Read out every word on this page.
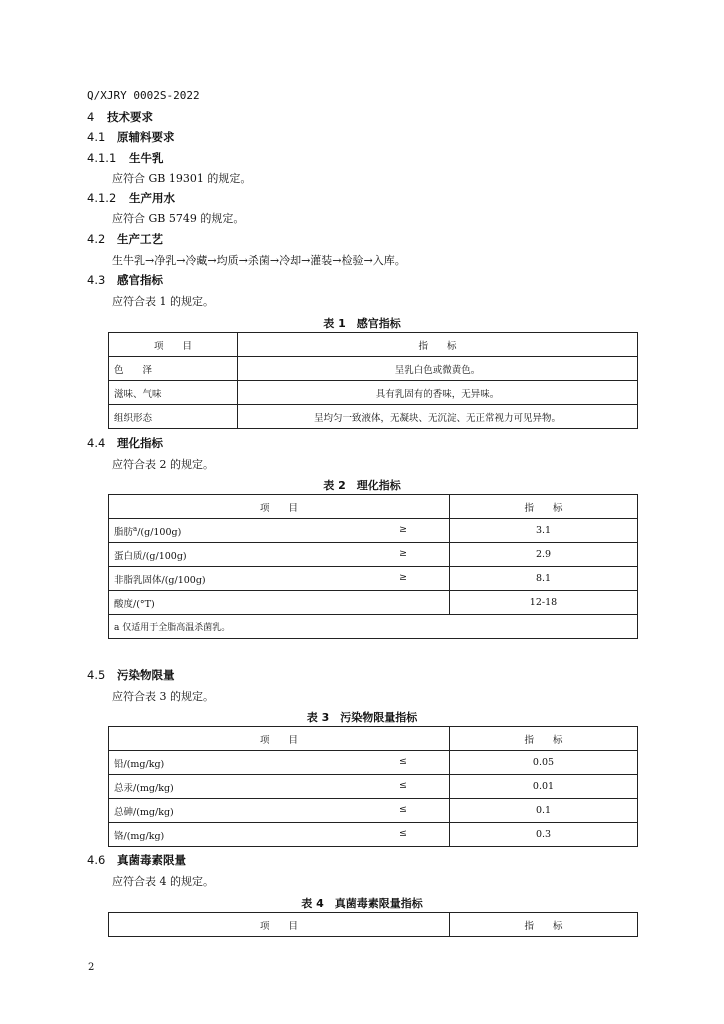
Q/XJRY 0002S-2022
4 技术要求
4.1 原辅料要求
4.1.1 生牛乳
应符合 GB 19301 的规定。
4.1.2 生产用水
应符合 GB 5749 的规定。
4.2 生产工艺
生牛乳→净乳→冷藏→均质→杀菌→冷却→灌装→检验→入库。
4.3 感官指标
应符合表 1 的规定。
表 1　感官指标
项　　目	指　　标
色　　泽	呈乳白色或微黄色。
滋味、气味	具有乳固有的香味，无异味。
组织形态	呈均匀一致液体，无凝块、无沉淀、无正常视力可见异物。
4.4 理化指标
应符合表 2 的规定。
表 2　理化指标
项　　目	指　　标
脂肪$^a$/(g/100g) ≥	3.1
蛋白质/(g/100g) ≥	2.9
非脂乳固体/(g/100g) ≥	8.1
酸度/(°T)	12-18
a 仅适用于全脂高温杀菌乳。	
4.5 污染物限量
应符合表 3 的规定。
表 3　污染物限量指标
项　　目	指　　标
铅/(mg/kg) ≤	0.05
总汞/(mg/kg) ≤	0.01
总砷/(mg/kg) ≤	0.1
铬/(mg/kg) ≤	0.3
4.6 真菌毒素限量
应符合表 4 的规定。
表 4　真菌毒素限量指标
项　　目	指　　标
2
